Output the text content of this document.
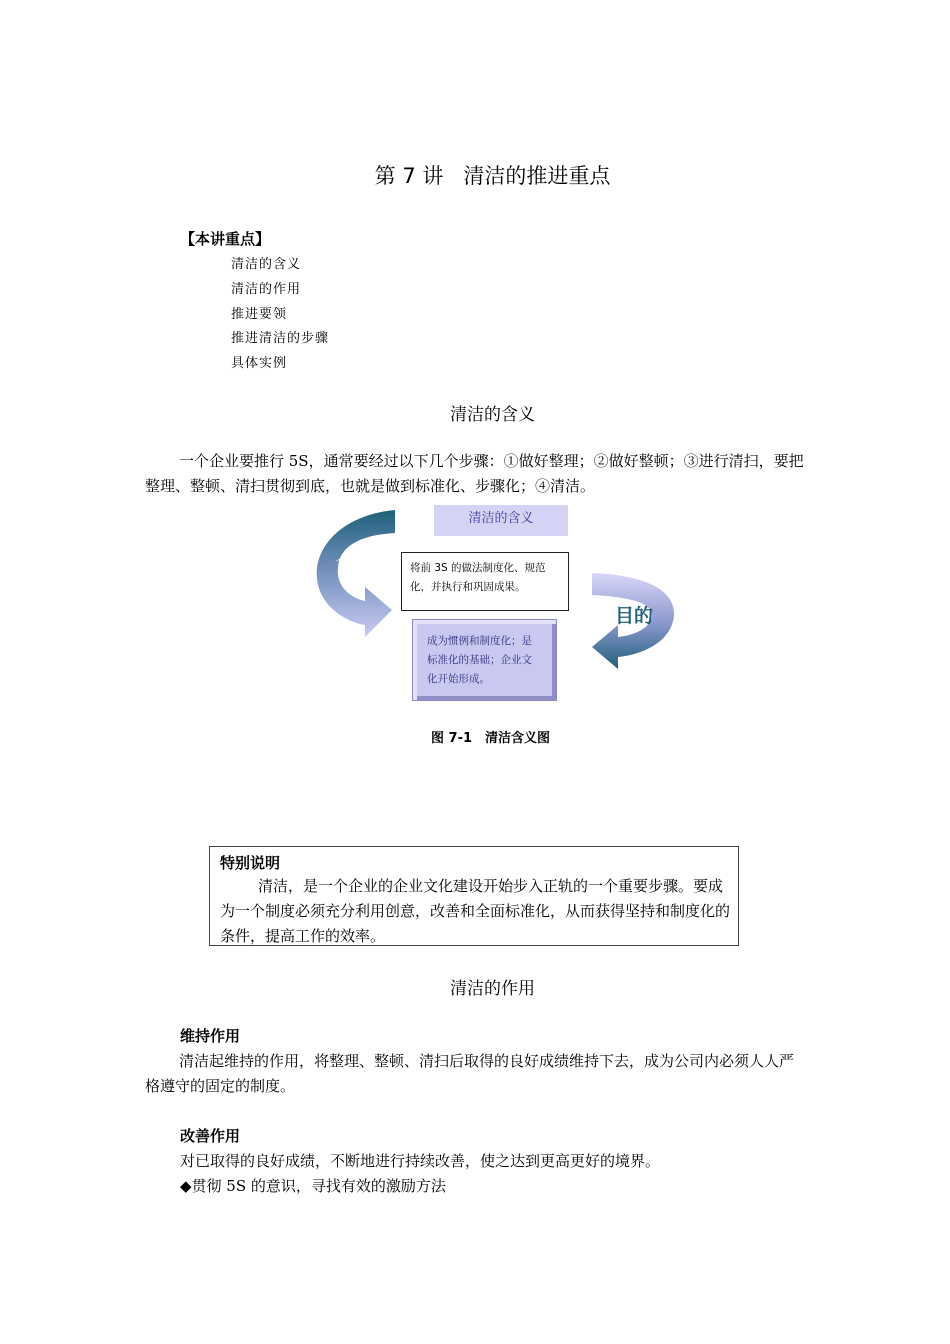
第 7 讲 清洁的推进重点
【本讲重点】
清洁的含义
清洁的作用
推进要领
推进清洁的步骤
具体实例
清洁的含义
一个企业要推行 5S，通常要经过以下几个步骤：①做好整理；②做好整顿；③进行清扫，要把整理、整顿、清扫贯彻到底，也就是做到标准化、步骤化；④清洁。
含义
目的
清洁的含义
将前 3S 的做法制度化、规范化，并执行和巩固成果。
成为惯例和制度化；是标准化的基础；企业文化开始形成。
图 7-1　清洁含义图
特别说明
清洁，是一个企业的企业文化建设开始步入正轨的一个重要步骤。要成为一个制度必须充分利用创意，改善和全面标准化，从而获得坚持和制度化的条件，提高工作的效率。
清洁的作用
维持作用
清洁起维持的作用，将整理、整顿、清扫后取得的良好成绩维持下去，成为公司内必须人人严格遵守的固定的制度。
改善作用
对已取得的良好成绩，不断地进行持续改善，使之达到更高更好的境界。
◆贯彻 5S 的意识，寻找有效的激励方法
